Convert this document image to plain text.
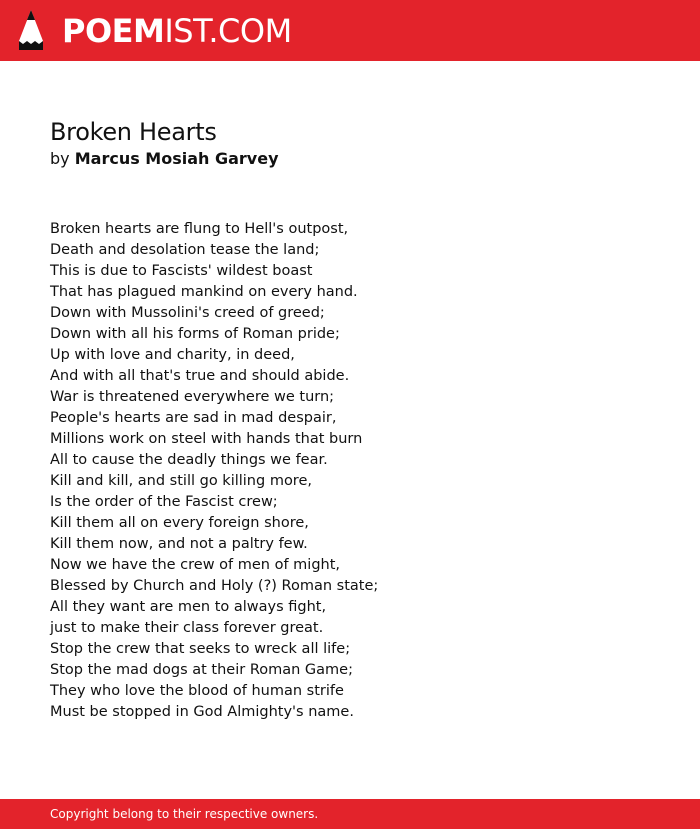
POEMIST.COM
Broken Hearts
by Marcus Mosiah Garvey
Broken hearts are flung to Hell's outpost,
Death and desolation tease the land;
This is due to Fascists' wildest boast
That has plagued mankind on every hand.
Down with Mussolini's creed of greed;
Down with all his forms of Roman pride;
Up with love and charity, in deed,
And with all that's true and should abide.
War is threatened everywhere we turn;
People's hearts are sad in mad despair,
Millions work on steel with hands that burn
All to cause the deadly things we fear.
Kill and kill, and still go killing more,
Is the order of the Fascist crew;
Kill them all on every foreign shore,
Kill them now, and not a paltry few.
Now we have the crew of men of might,
Blessed by Church and Holy (?) Roman state;
All they want are men to always fight,
just to make their class forever great.
Stop the crew that seeks to wreck all life;
Stop the mad dogs at their Roman Game;
They who love the blood of human strife
Must be stopped in God Almighty's name.
Copyright belong to their respective owners.
